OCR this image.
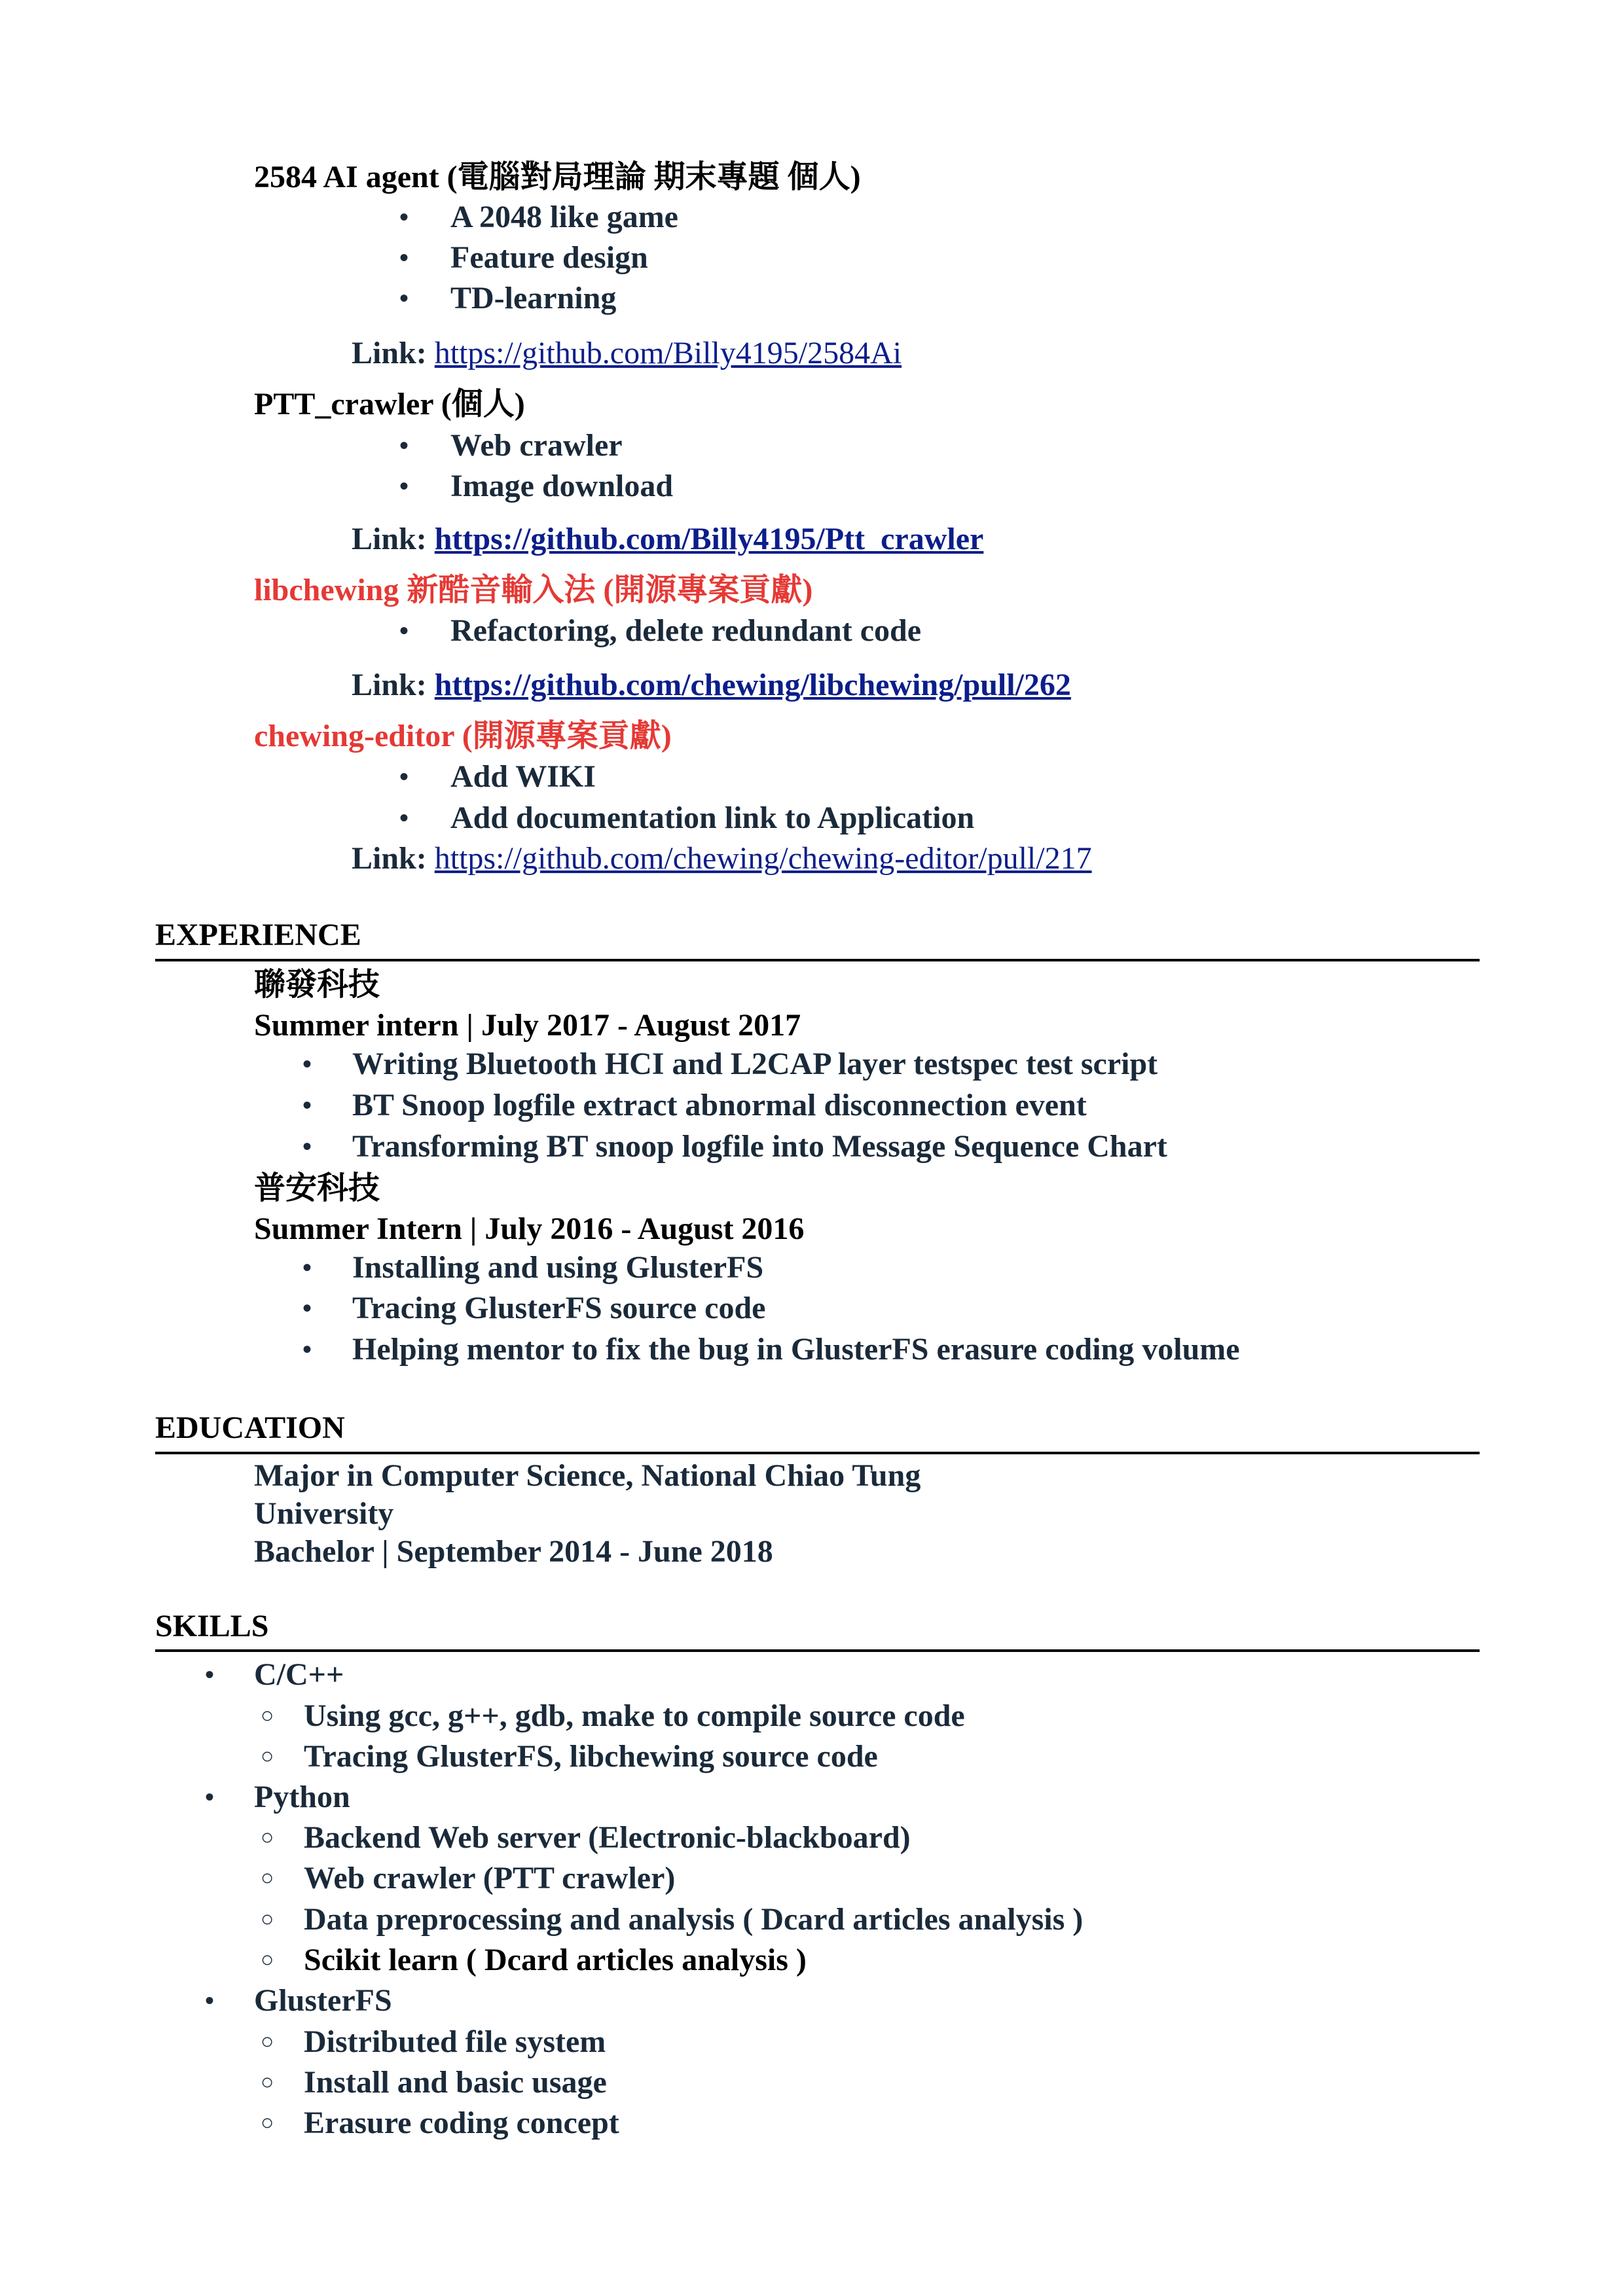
2584 AI agent (電腦對局理論 期末專題 個人)
• A 2048 like game
• Feature design
• TD-learning
Link: https://github.com/Billy4195/2584Ai
PTT_crawler (個人)
• Web crawler
• Image download
Link: https://github.com/Billy4195/Ptt_crawler
libchewing 新酷音輸入法 (開源專案貢獻)
• Refactoring, delete redundant code
Link: https://github.com/chewing/libchewing/pull/262
chewing-editor (開源專案貢獻)
• Add WIKI
• Add documentation link to Application
Link: https://github.com/chewing/chewing-editor/pull/217
EXPERIENCE
聯發科技
Summer intern | July 2017 - August 2017
• Writing Bluetooth HCI and L2CAP layer testspec test script
• BT Snoop logfile extract abnormal disconnection event
• Transforming BT snoop logfile into Message Sequence Chart
普安科技
Summer Intern | July 2016 - August 2016
• Installing and using GlusterFS
• Tracing GlusterFS source code
• Helping mentor to fix the bug in GlusterFS erasure coding volume
EDUCATION
Major in Computer Science, National Chiao Tung
University
Bachelor | September 2014 - June 2018
SKILLS
• C/C++
○ Using gcc, g++, gdb, make to compile source code
○ Tracing GlusterFS, libchewing source code
• Python
○ Backend Web server (Electronic-blackboard)
○ Web crawler (PTT crawler)
○ Data preprocessing and analysis ( Dcard articles analysis )
○ Scikit learn ( Dcard articles analysis )
• GlusterFS
○ Distributed file system
○ Install and basic usage
○ Erasure coding concept
